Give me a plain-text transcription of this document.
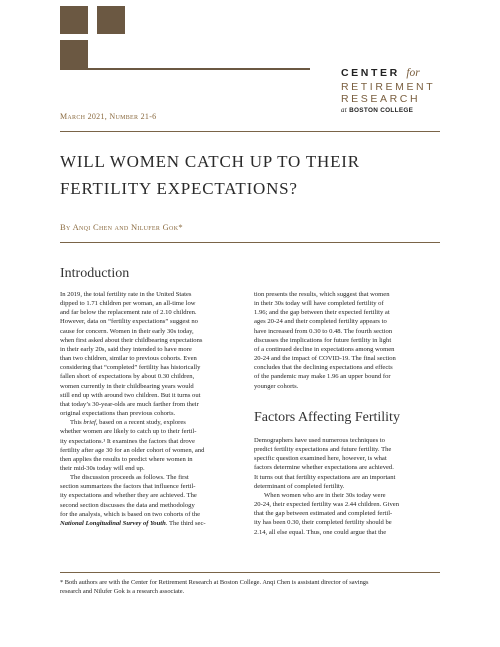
CENTER for
RETIREMENT
RESEARCH
at BOSTON COLLEGE
March 2021, Number 21-6
WILL WOMEN CATCH UP TO THEIR
FERTILITY EXPECTATIONS?
By Anqi Chen and Nilufer Gok*
Introduction

In 2019, the total fertility rate in the United States
dipped to 1.71 children per woman, an all-time low
and far below the replacement rate of 2.10 children.
However, data on “fertility expectations” suggest no
cause for concern. Women in their early 30s today,
when first asked about their childbearing expectations
in their early 20s, said they intended to have more
than two children, similar to previous cohorts. Even
considering that “completed” fertility has historically
fallen short of expectations by about 0.30 children,
women currently in their childbearing years would
still end up with around two children. But it turns out
that today’s 30-year-olds are much farther from their
original expectations than previous cohorts.

This brief, based on a recent study, explores
whether women are likely to catch up to their fertil-
ity expectations.¹ It examines the factors that drove
fertility after age 30 for an older cohort of women, and
then applies the results to predict where women in
their mid-30s today will end up.

The discussion proceeds as follows. The first
section summarizes the factors that influence fertil-
ity expectations and whether they are achieved. The
second section discusses the data and methodology
for the analysis, which is based on two cohorts of the
National Longitudinal Survey of Youth. The third sec-

tion presents the results, which suggest that women
in their 30s today will have completed fertility of
1.96; and the gap between their expected fertility at
ages 20-24 and their completed fertility appears to
have increased from 0.30 to 0.48. The fourth section
discusses the implications for future fertility in light
of a continued decline in expectations among women
20-24 and the impact of COVID-19. The final section
concludes that the declining expectations and effects
of the pandemic may make 1.96 an upper bound for
younger cohorts.

Factors Affecting Fertility

Demographers have used numerous techniques to
predict fertility expectations and future fertility. The
specific question examined here, however, is what
factors determine whether expectations are achieved.
It turns out that fertility expectations are an important
determinant of completed fertility.

When women who are in their 30s today were
20-24, their expected fertility was 2.44 children. Given
that the gap between estimated and completed fertil-
ity has been 0.30, their completed fertility should be
2.14, all else equal. Thus, one could argue that the

* Both authors are with the Center for Retirement Research at Boston College. Anqi Chen is assistant director of savings
research and Nilufer Gok is a research associate.
